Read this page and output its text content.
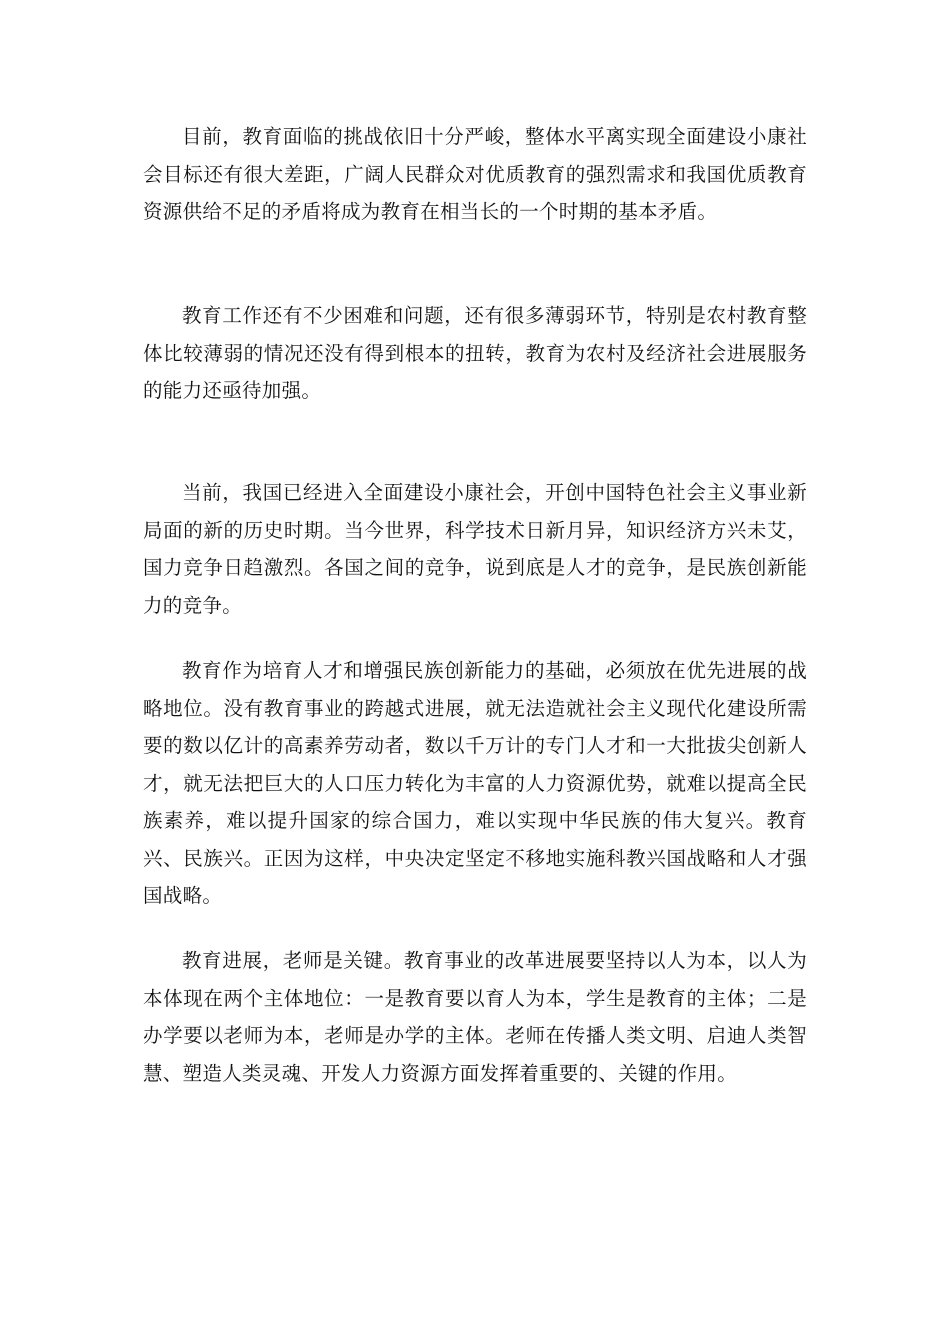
目前，教育面临的挑战依旧十分严峻，整体水平离实现全面建设小康社会目标还有很大差距，广阔人民群众对优质教育的强烈需求和我国优质教育资源供给不足的矛盾将成为教育在相当长的一个时期的基本矛盾。

教育工作还有不少困难和问题，还有很多薄弱环节，特别是农村教育整体比较薄弱的情况还没有得到根本的扭转，教育为农村及经济社会进展服务的能力还亟待加强。

当前，我国已经进入全面建设小康社会，开创中国特色社会主义事业新局面的新的历史时期。当今世界，科学技术日新月异，知识经济方兴未艾，国力竞争日趋激烈。各国之间的竞争，说到底是人才的竞争，是民族创新能力的竞争。

教育作为培育人才和增强民族创新能力的基础，必须放在优先进展的战略地位。没有教育事业的跨越式进展，就无法造就社会主义现代化建设所需要的数以亿计的高素养劳动者，数以千万计的专门人才和一大批拔尖创新人才，就无法把巨大的人口压力转化为丰富的人力资源优势，就难以提高全民族素养，难以提升国家的综合国力，难以实现中华民族的伟大复兴。教育兴、民族兴。正因为这样，中央决定坚定不移地实施科教兴国战略和人才强国战略。

教育进展，老师是关键。教育事业的改革进展要坚持以人为本，以人为本体现在两个主体地位：一是教育要以育人为本，学生是教育的主体；二是办学要以老师为本，老师是办学的主体。老师在传播人类文明、启迪人类智慧、塑造人类灵魂、开发人力资源方面发挥着重要的、关键的作用。
